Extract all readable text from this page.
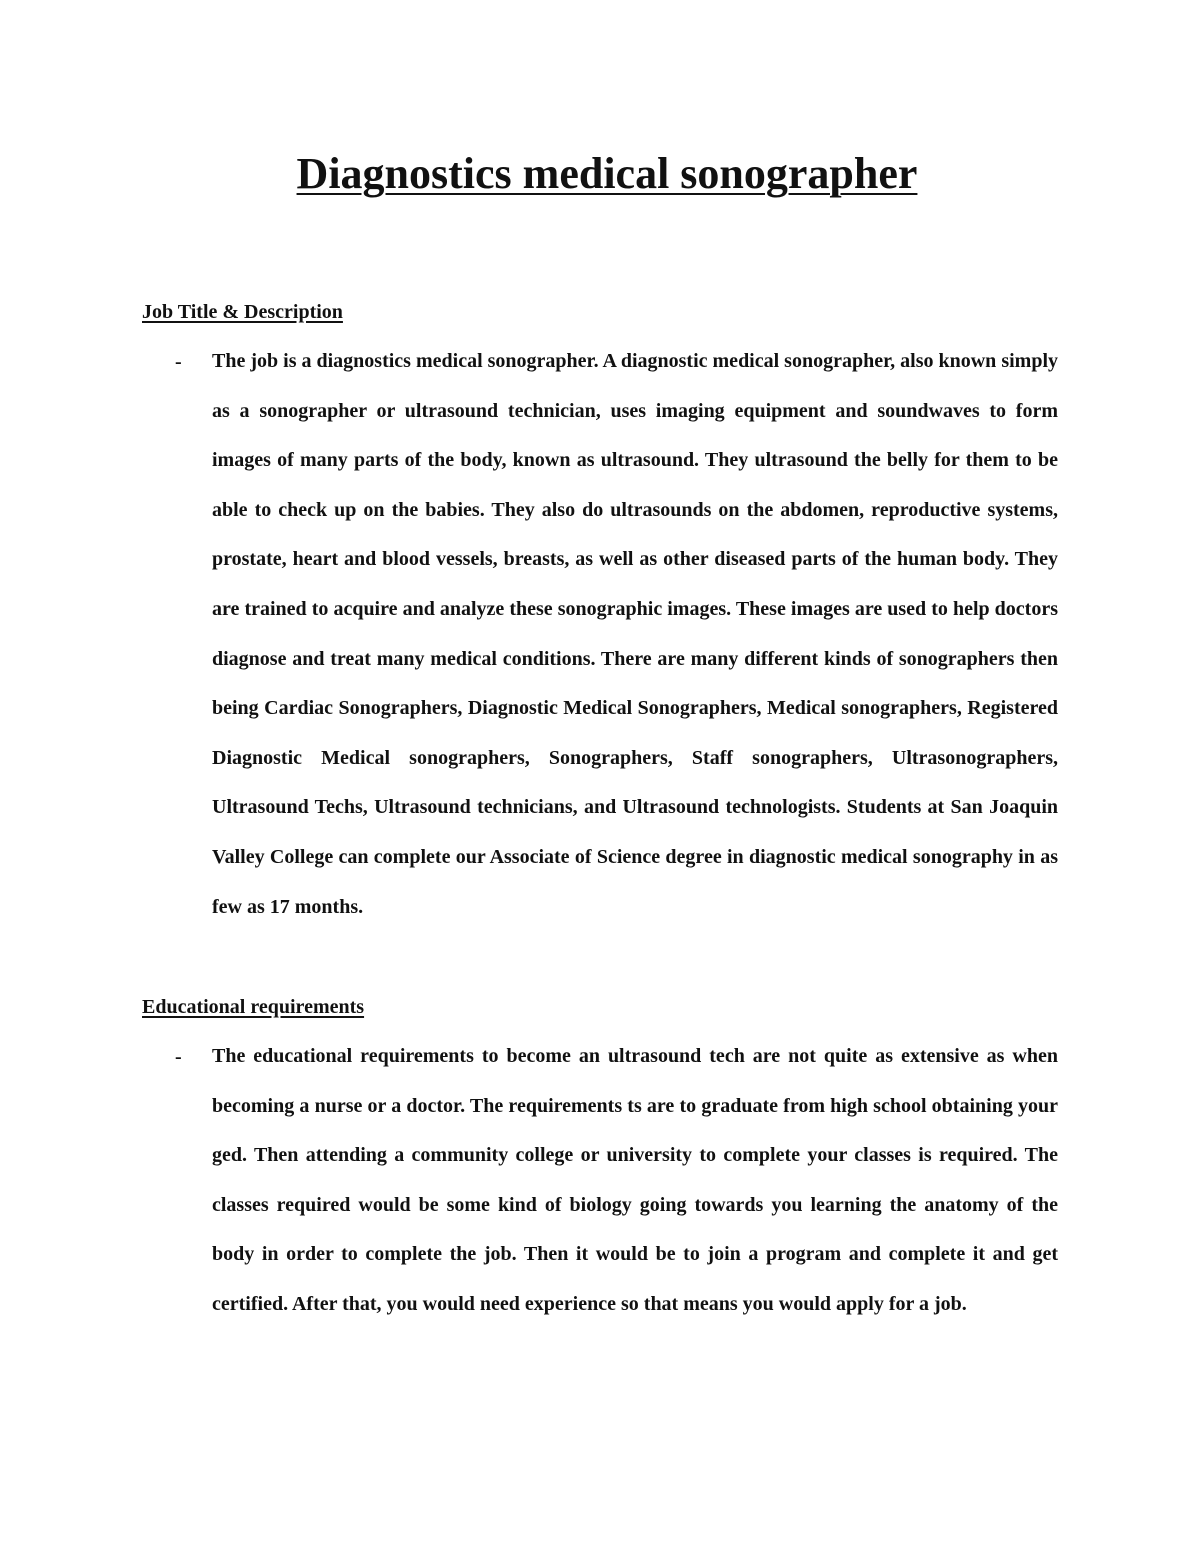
Diagnostics medical sonographer
Job Title & Description
- The job is a diagnostics medical sonographer. A diagnostic medical sonographer, also known simply as a sonographer or ultrasound technician, uses imaging equipment and soundwaves to form images of many parts of the body, known as ultrasound. They ultrasound the belly for them to be able to check up on the babies. They also do ultrasounds on the abdomen, reproductive systems, prostate, heart and blood vessels, breasts, as well as other diseased parts of the human body. They are trained to acquire and analyze these sonographic images. These images are used to help doctors diagnose and treat many medical conditions. There are many different kinds of sonographers then being Cardiac Sonographers, Diagnostic Medical Sonographers, Medical sonographers, Registered Diagnostic Medical sonographers, Sonographers, Staff sonographers, Ultrasonographers, Ultrasound Techs, Ultrasound technicians, and Ultrasound technologists. Students at San Joaquin Valley College can complete our Associate of Science degree in diagnostic medical sonography in as few as 17 months.

Educational requirements
- The educational requirements to become an ultrasound tech are not quite as extensive as when becoming a nurse or a doctor. The requirements ts are to graduate from high school obtaining your ged. Then attending a community college or university to complete your classes is required. The classes required would be some kind of biology going towards you learning the anatomy of the body in order to complete the job. Then it would be to join a program and complete it and get certified. After that, you would need experience so that means you would apply for a job.
